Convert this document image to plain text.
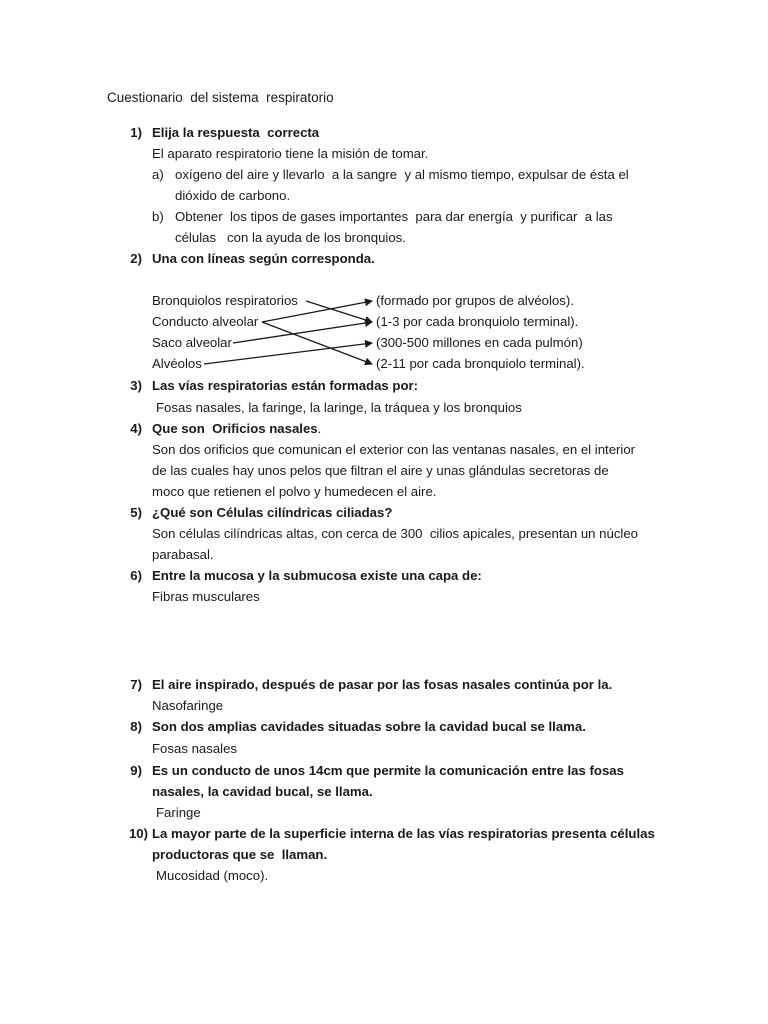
Cuestionario  del sistema  respiratorio
1) Elija la respuesta  correcta
El aparato respiratorio tiene la misión de tomar.
a) oxígeno del aire y llevarlo  a la sangre  y al mismo tiempo, expulsar de ésta el
dióxido de carbono.
b) Obtener  los tipos de gases importantes  para dar energía  y purificar  a las
células   con la ayuda de los bronquios.
2) Una con líneas según corresponda.
Bronquiolos respiratorios
Conducto alveolar
Saco alveolar
Alvéolos
(formado por grupos de alvéolos).
(1-3 por cada bronquiolo terminal).
(300-500 millones en cada pulmón)
(2-11 por cada bronquiolo terminal).
3) Las vías respiratorias están formadas por:
Fosas nasales, la faringe, la laringe, la tráquea y los bronquios
4) Que son  Orificios nasales.
Son dos orificios que comunican el exterior con las ventanas nasales, en el interior
de las cuales hay unos pelos que filtran el aire y unas glándulas secretoras de
moco que retienen el polvo y humedecen el aire.
5) ¿Qué son Células cilíndricas ciliadas?
Son células cilíndricas altas, con cerca de 300  cilios apicales, presentan un núcleo
parabasal.
6) Entre la mucosa y la submucosa existe una capa de:
Fibras musculares
7) El aire inspirado, después de pasar por las fosas nasales continúa por la.
Nasofaringe
8) Son dos amplias cavidades situadas sobre la cavidad bucal se llama.
Fosas nasales
9) Es un conducto de unos 14cm que permite la comunicación entre las fosas
nasales, la cavidad bucal, se llama.
Faringe
10) La mayor parte de la superficie interna de las vías respiratorias presenta células
productoras que se  llaman.
Mucosidad (moco).
